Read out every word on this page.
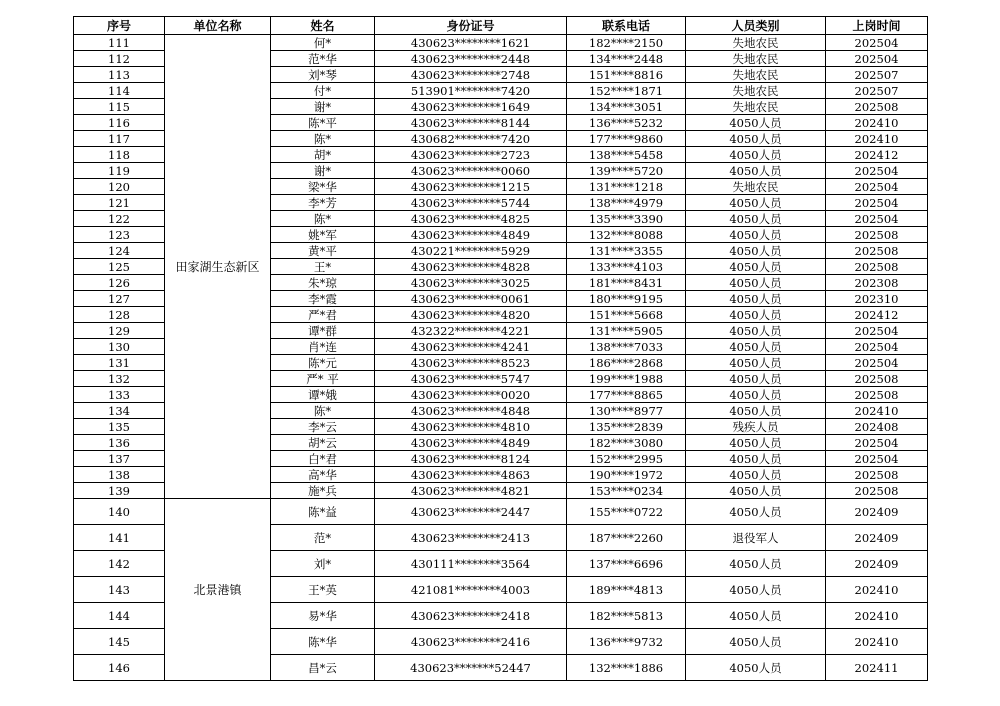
序号	单位名称	姓名	身份证号	联系电话	人员类别	上岗时间
111	田家湖生态新区	何*	430623********1621	182****2150	失地农民	202504
112		范*华	430623********2448	134****2448	失地农民	202504
113		刘*琴	430623********2748	151****8816	失地农民	202507
114		付*	513901********7420	152****1871	失地农民	202507
115		谢*	430623********1649	134****3051	失地农民	202508
116		陈*平	430623********8144	136****5232	4050人员	202410
117		陈*	430682********7420	177****9860	4050人员	202410
118		胡*	430623********2723	138****5458	4050人员	202412
119		谢*	430623********0060	139****5720	4050人员	202504
120		梁*华	430623********1215	131****1218	失地农民	202504
121		李*芳	430623********5744	138****4979	4050人员	202504
122		陈*	430623********4825	135****3390	4050人员	202504
123		姚*军	430623********4849	132****8088	4050人员	202508
124		黄*平	430221********5929	131****3355	4050人员	202508
125		王*	430623********4828	133****4103	4050人员	202508
126		朱*琼	430623********3025	181****8431	4050人员	202308
127		李*霞	430623********0061	180****9195	4050人员	202310
128		严*君	430623********4820	151****5668	4050人员	202412
129		谭*群	432322********4221	131****5905	4050人员	202504
130		肖*连	430623********4241	138****7033	4050人员	202504
131		陈*元	430623********8523	186****2868	4050人员	202504
132		严* 平	430623********5747	199****1988	4050人员	202508
133		谭*娥	430623********0020	177****8865	4050人员	202508
134		陈*	430623********4848	130****8977	4050人员	202410
135		李*云	430623********4810	135****2839	残疾人员	202408
136		胡*云	430623********4849	182****3080	4050人员	202504
137		白*君	430623********8124	152****2995	4050人员	202504
138		高*华	430623********4863	190****1972	4050人员	202508
139		施*兵	430623********4821	153****0234	4050人员	202508
140	北景港镇	陈*益	430623********2447	155****0722	4050人员	202409
141		范*	430623********2413	187****2260	退役军人	202409
142		刘*	430111********3564	137****6696	4050人员	202409
143		王*英	421081********4003	189****4813	4050人员	202410
144		易*华	430623********2418	182****5813	4050人员	202410
145		陈*华	430623********2416	136****9732	4050人员	202410
146		昌*云	430623*******52447	132****1886	4050人员	202411
